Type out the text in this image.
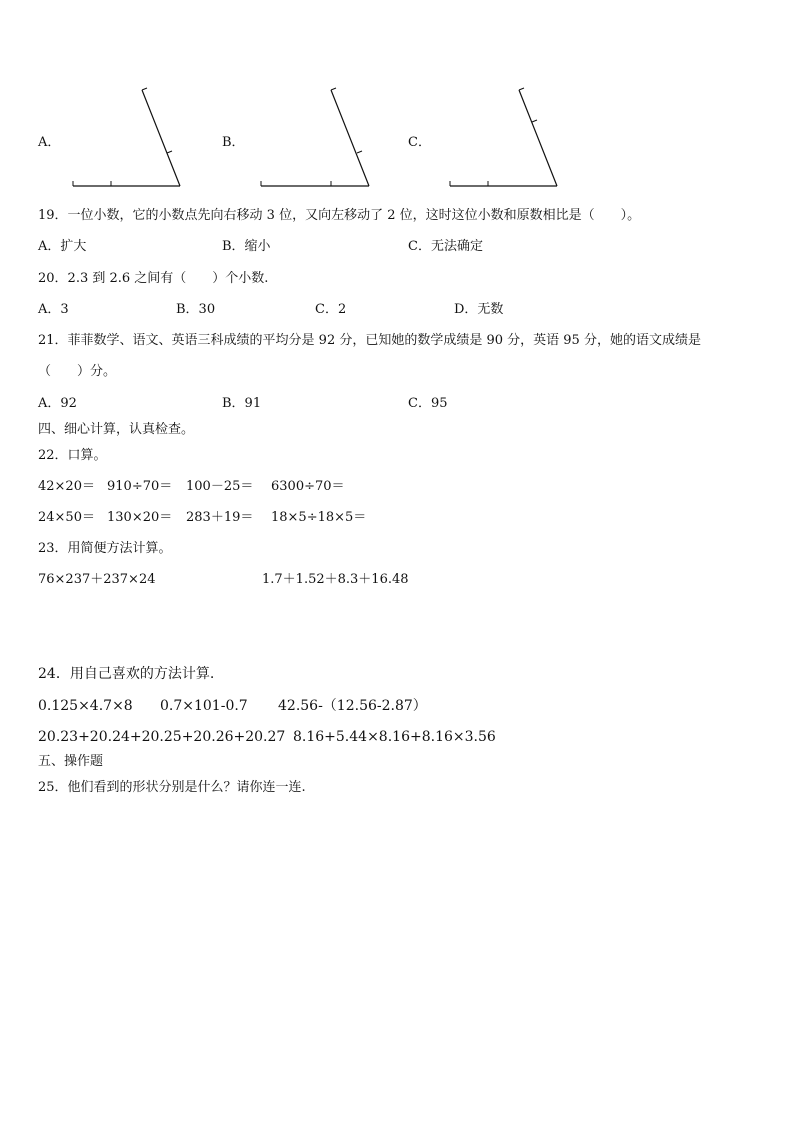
A．	B．	C．
19．一位小数，它的小数点先向右移动 3 位，又向左移动了 2 位，这时这位小数和原数相比是（　　）。
A．扩大	B．缩小	C．无法确定
20．2.3 到 2.6 之间有（　　）个小数.
A．3	B．30	C．2	D．无数
21．菲菲数学、语文、英语三科成绩的平均分是 92 分，已知她的数学成绩是 90 分，英语 95 分，她的语文成绩是
（　　）分。
A．92	B．91	C．95
四、细心计算，认真检查。
22．口算。
42×20＝ 910÷70＝ 100－25＝ 6300÷70＝
24×50＝ 130×20＝ 283＋19＝ 18×5÷18×5＝
23．用简便方法计算。
76×237＋237×24	1.7＋1.52＋8.3＋16.48
24．用自己喜欢的方法计算.
0.125×4.7×8 0.7×101-0.7 42.56-（12.56-2.87）
20.23+20.24+20.25+20.26+20.27 8.16+5.44×8.16+8.16×3.56
五、操作题
25．他们看到的形状分别是什么？请你连一连.
